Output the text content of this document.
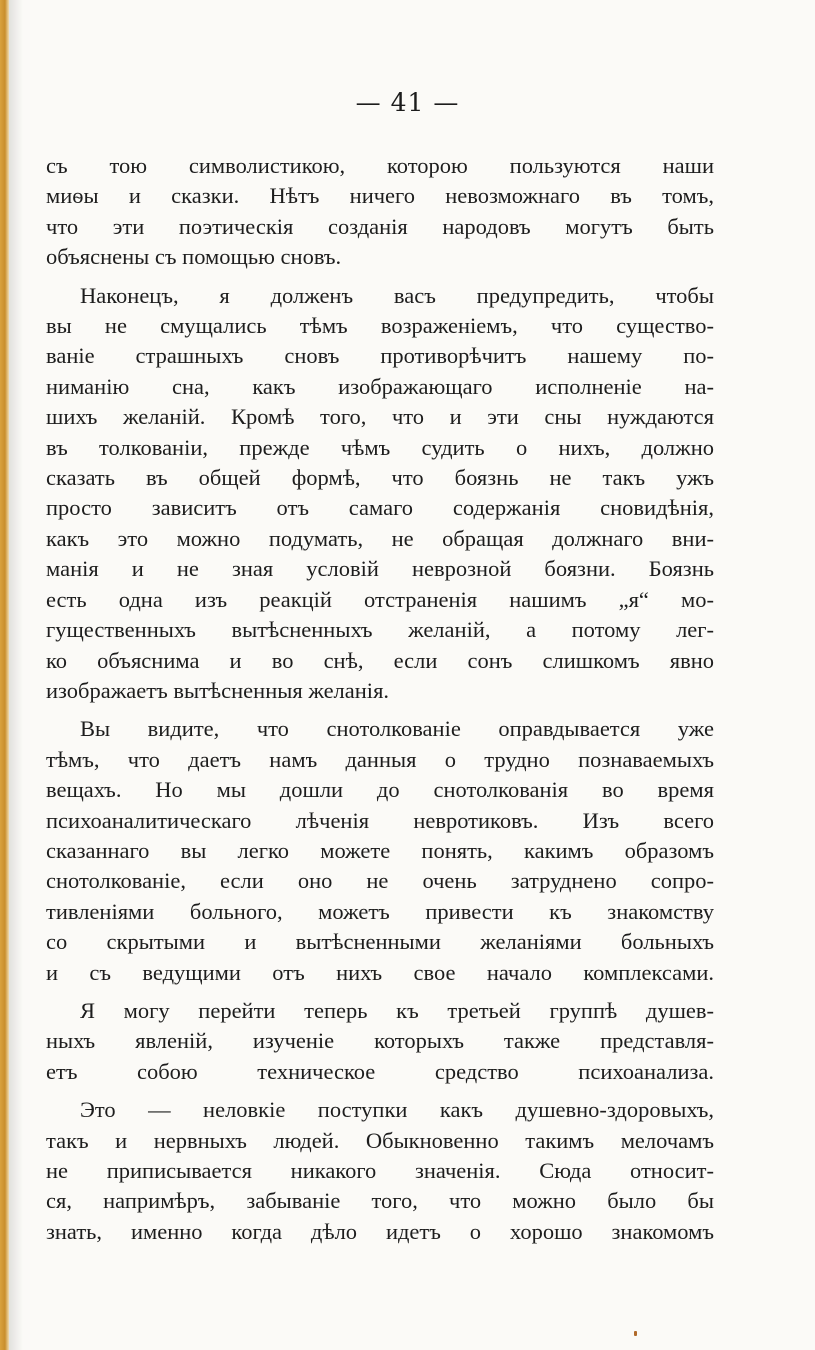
— 41 —
съ тою символистикою, которою пользуются наши
миѳы и сказки. Нѣтъ ничего невозможнаго въ томъ,
что эти поэтическія созданія народовъ могутъ быть
объяснены съ помощью сновъ.
Наконецъ, я долженъ васъ предупредить, чтобы
вы не смущались тѣмъ возраженіемъ, что существо-
ваніе страшныхъ сновъ противорѣчитъ нашему по-
ниманію сна, какъ изображающаго исполненіе на-
шихъ желаній. Кромѣ того, что и эти сны нуждаются
въ толкованіи, прежде чѣмъ судить о нихъ, должно
сказать въ общей формѣ, что боязнь не такъ ужъ
просто зависитъ отъ самаго содержанія сновидѣнія,
какъ это можно подумать, не обращая должнаго вни-
манія и не зная условій неврозной боязни. Боязнь
есть одна изъ реакцій отстраненія нашимъ „я“ мо-
гущественныхъ вытѣсненныхъ желаній, а потому лег-
ко объяснима и во снѣ, если сонъ слишкомъ явно
изображаетъ вытѣсненныя желанія.
Вы видите, что снотолкованіе оправдывается уже
тѣмъ, что даетъ намъ данныя о трудно познаваемыхъ
вещахъ. Но мы дошли до снотолкованія во время
психоаналитическаго лѣченія невротиковъ. Изъ всего
сказаннаго вы легко можете понять, какимъ образомъ
снотолкованіе, если оно не очень затруднено сопро-
тивленіями больного, можетъ привести къ знакомству
со скрытыми и вытѣсненными желаніями больныхъ
и съ ведущими отъ нихъ свое начало комплексами.
Я могу перейти теперь къ третьей группѣ душев-
ныхъ явленій, изученіе которыхъ также представля-
етъ собою техническое средство психоанализа.
Это — неловкіе поступки какъ душевно-здоровыхъ,
такъ и нервныхъ людей. Обыкновенно такимъ мелочамъ
не приписывается никакого значенія. Сюда относит-
ся, напримѣръ, забываніе того, что можно было бы
знать, именно когда дѣло идетъ о хорошо знакомомъ
